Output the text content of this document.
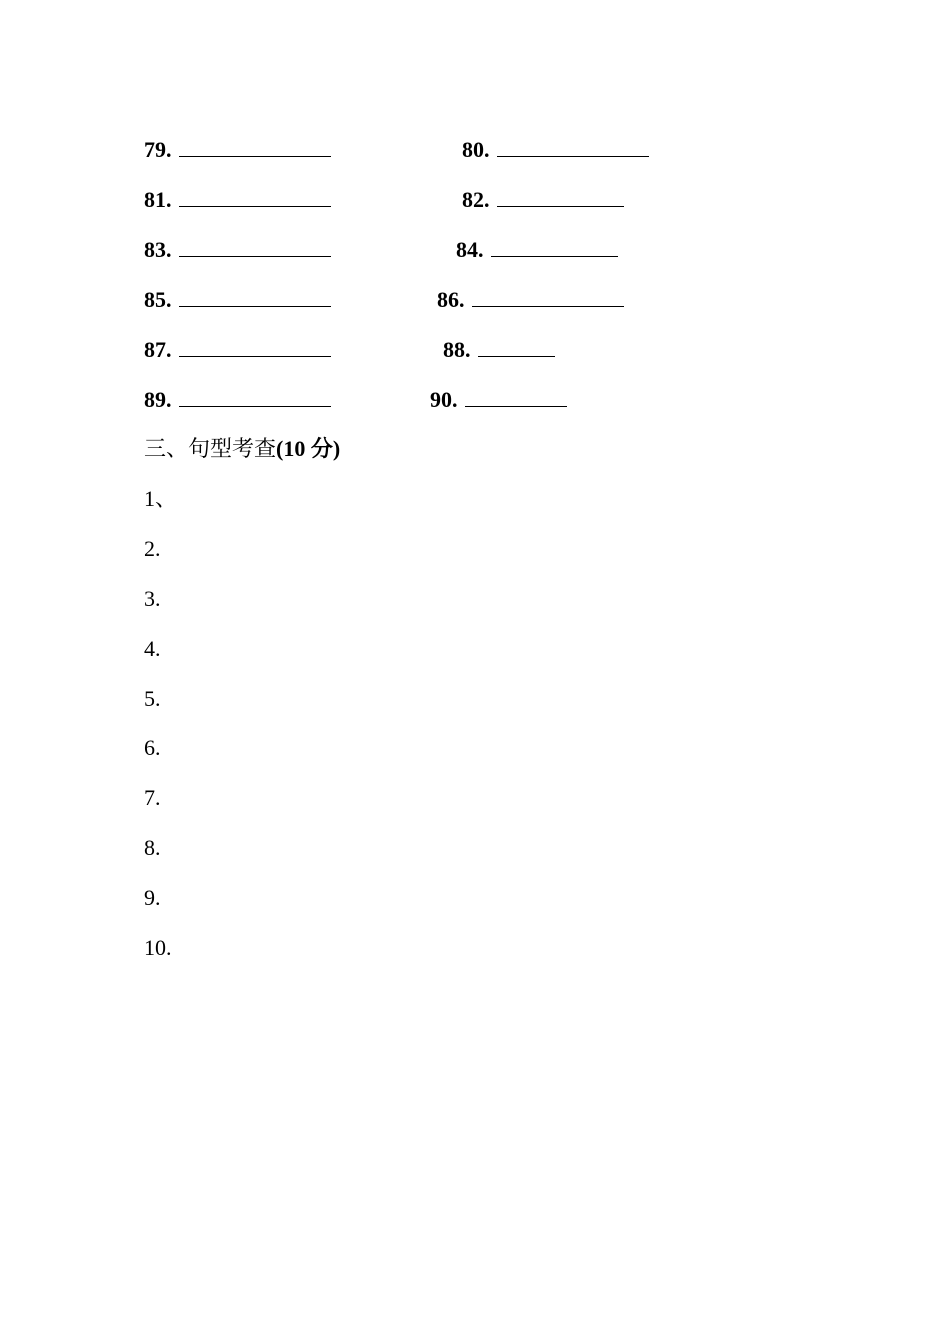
79.	80.
81.	82.
83.	84.
85.	86.
87.	88.
89.	90.
三、句型考查(10 分)
1、
2.
3.
4.
5.
6.
7.
8.
9.
10.
